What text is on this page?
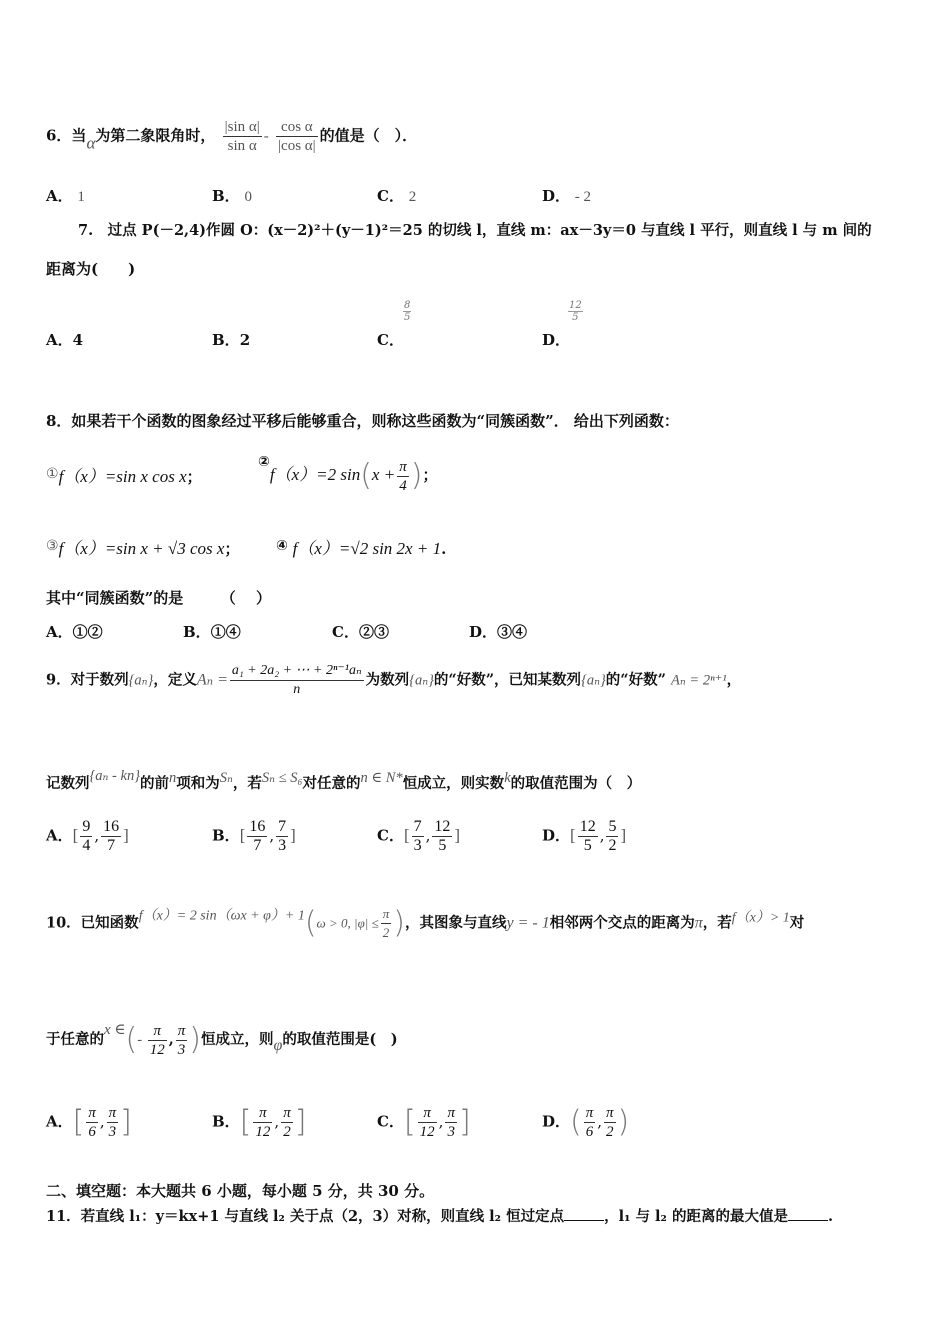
6．当α为第二象限角时， $\frac{\text{|sin α|}}{\text{sin α}} - \frac{\text{cos α}}{\text{|cos α|}}$ 的值是（　）．
A． 1	B． 0	C． 2	D． - 2
7.　过点 P(－2,4)作圆 O：(x－2)²＋(y－1)²＝25 的切线 l，直线 m：ax－3y＝0 与直线 l 平行，则直线 l 与 m 间的
距离为(　　)
A．4	B．2
$\frac{8}{5}$
C．
$\frac{12}{5}$
D．
8．如果若干个函数的图象经过平移后能够重合，则称这些函数为“同簇函数”． 给出下列函数：
①f（x）=sin x cos x；
②f（x）=2 $\sin(x + \frac{\pi}{4}$ )；
③f（x）=sin x + √3 cos x；	④ f（x）=√2 sin 2x + 1.
其中“同簇函数”的是　　　（　 ）
A．①②	B．①④	C．②③	D．③④
9．对于数列{aₙ}，定义$A_n = \frac{\text{a₁ + 2a₂ + ⋯ + 2ⁿ⁻¹aₙ}}{n}$ 为数列{aₙ}的“好数”，已知某数列{aₙ}的“好数” Aₙ = 2ⁿ⁺¹，
记数列{aₙ - kn}的前n项和为Sₙ，若Sₙ ≤ S₆对任意的n ∈ N*恒成立，则实数k的取值范围为（　）
A．[ $\frac{9}{4}$ , $\frac{16}{7}$ ]	B．[ $\frac{16}{7}$ , $\frac{7}{3}$ ]	C．[ $\frac{7}{3}$ , $\frac{12}{5}$ ]	D．[ $\frac{12}{5}$ , $\frac{5}{2}$ ]
10．已知函数f（x）= 2 sin（ωx + φ）+ 1(ω > 0, $|\varphi| \le \frac{\pi}{2}$ )，其图象与直线y = - 1相邻两个交点的距离为π，若f（x）> 1对
于任意的x ∈(- $\frac{\pi}{12}$ , $\frac{\pi}{3}$ )恒成立，则φ的取值范围是(　)
A．[ $\frac{\pi}{6}$ , $\frac{\pi}{3}$ ]	B．[ $\frac{\pi}{12}$ , $\frac{\pi}{2}$ ]	C．[ $\frac{\pi}{12}$ , $\frac{\pi}{3}$ ]	D．( $\frac{\pi}{6}$ , $\frac{\pi}{2}$ )
二、填空题：本大题共 6 小题，每小题 5 分，共 30 分。
11．若直线 l₁：y＝kx+1 与直线 l₂ 关于点（2，3）对称，则直线 l₂ 恒过定点	，l₁ 与 l₂ 的距离的最大值是	.
